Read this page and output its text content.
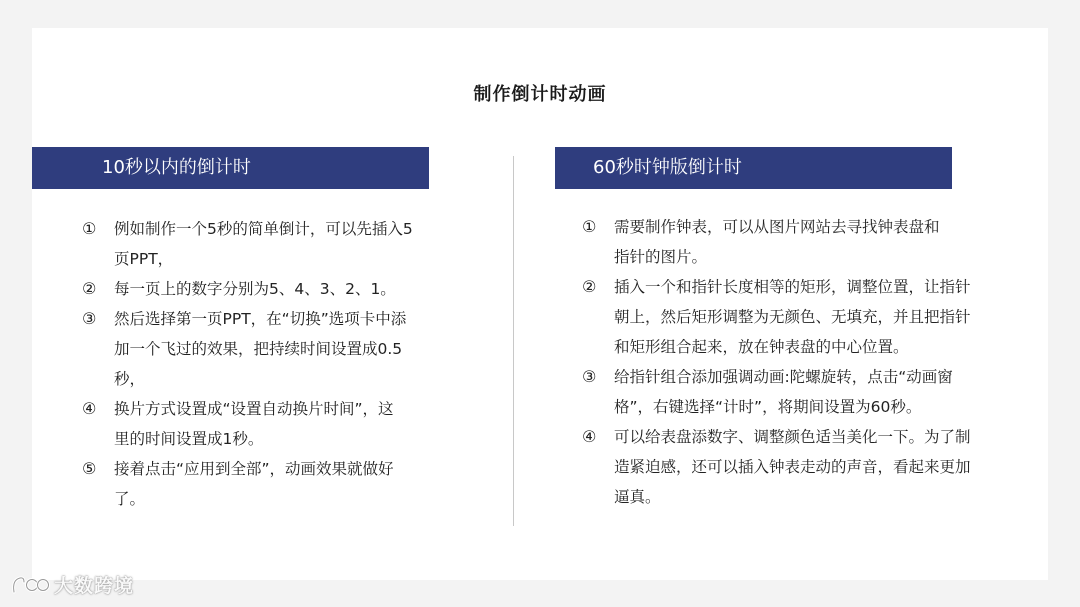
制作倒计时动画
10秒以内的倒计时	60秒时钟版倒计时
①	例如制作一个5秒的简单倒计，可以先插入5页PPT，
②	每一页上的数字分别为5、4、3、2、1。
③	然后选择第一页PPT，在“切换”选项卡中添加一个飞过的效果，把持续时间设置成0.5秒，
④	换片方式设置成“设置自动换片时间”，这里的时间设置成1秒。
⑤	接着点击“应用到全部”，动画效果就做好了。
①	需要制作钟表，可以从图片网站去寻找钟表盘和指针的图片。
②	插入一个和指针长度相等的矩形，调整位置，让指针朝上，然后矩形调整为无颜色、无填充，并且把指针和矩形组合起来，放在钟表盘的中心位置。
③	给指针组合添加强调动画:陀螺旋转，点击“动画窗格”，右键选择“计时”，将期间设置为60秒。
④	可以给表盘添数字、调整颜色适当美化一下。为了制造紧迫感，还可以插入钟表走动的声音，看起来更加逼真。
大数跨境
